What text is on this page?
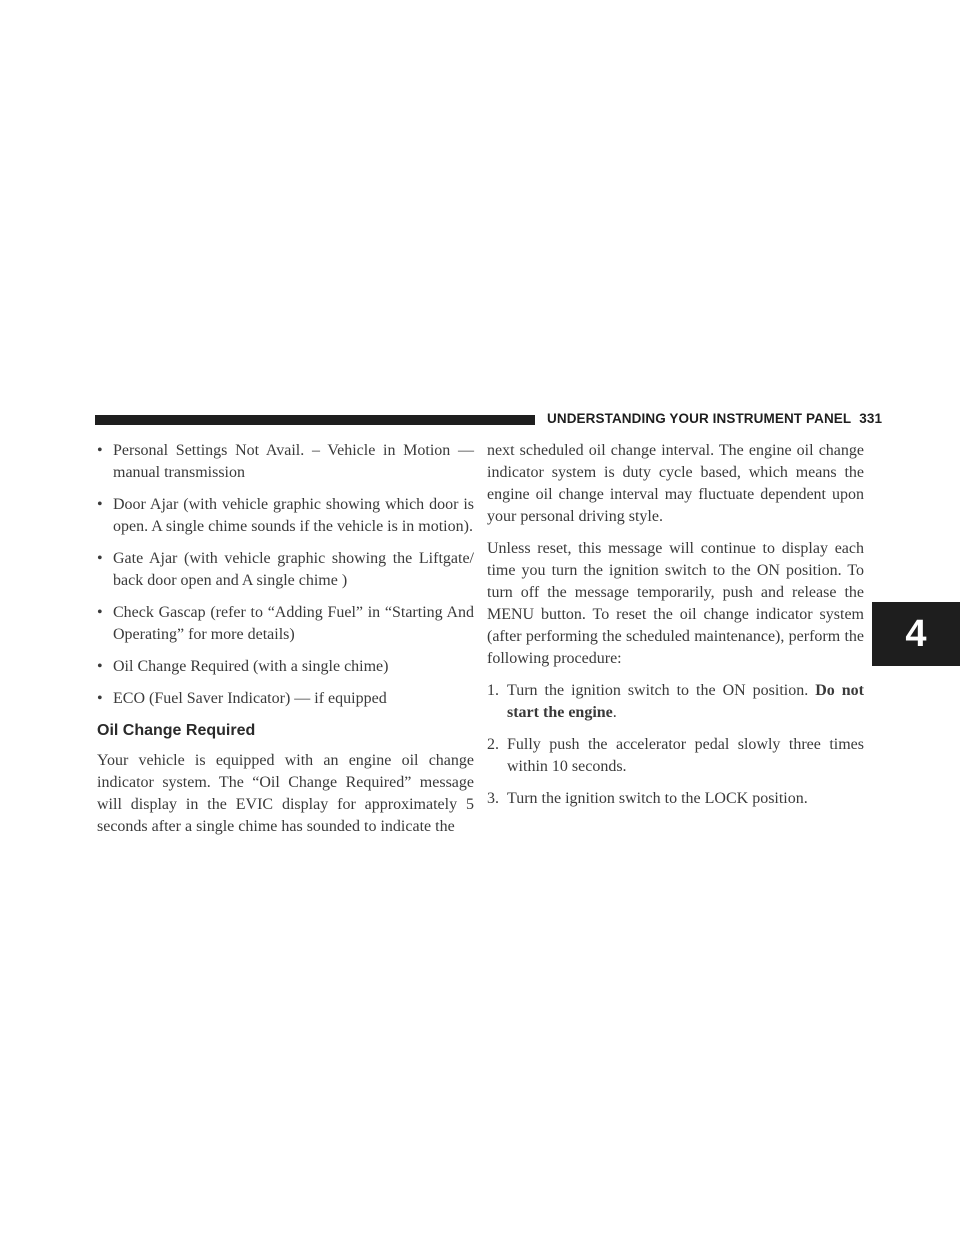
UNDERSTANDING YOUR INSTRUMENT PANEL 331
4
• Personal Settings Not Avail. – Vehicle in Motion — manual transmission
• Door Ajar (with vehicle graphic showing which door is open. A single chime sounds if the vehicle is in motion).
• Gate Ajar (with vehicle graphic showing the Liftgate/ back door open and A single chime )
• Check Gascap (refer to “Adding Fuel” in “Starting And Operating” for more details)
• Oil Change Required (with a single chime)
• ECO (Fuel Saver Indicator) — if equipped
Oil Change Required

Your vehicle is equipped with an engine oil change indicator system. The “Oil Change Required” message will display in the EVIC display for approximately 5 seconds after a single chime has sounded to indicate the

next scheduled oil change interval. The engine oil change indicator system is duty cycle based, which means the engine oil change interval may fluctuate dependent upon your personal driving style.

Unless reset, this message will continue to display each time you turn the ignition switch to the ON position. To turn off the message temporarily, push and release the MENU button. To reset the oil change indicator system (after performing the scheduled maintenance), perform the following procedure:

1. Turn the ignition switch to the ON position. Do not start the engine.
2. Fully push the accelerator pedal slowly three times within 10 seconds.
3. Turn the ignition switch to the LOCK position.
